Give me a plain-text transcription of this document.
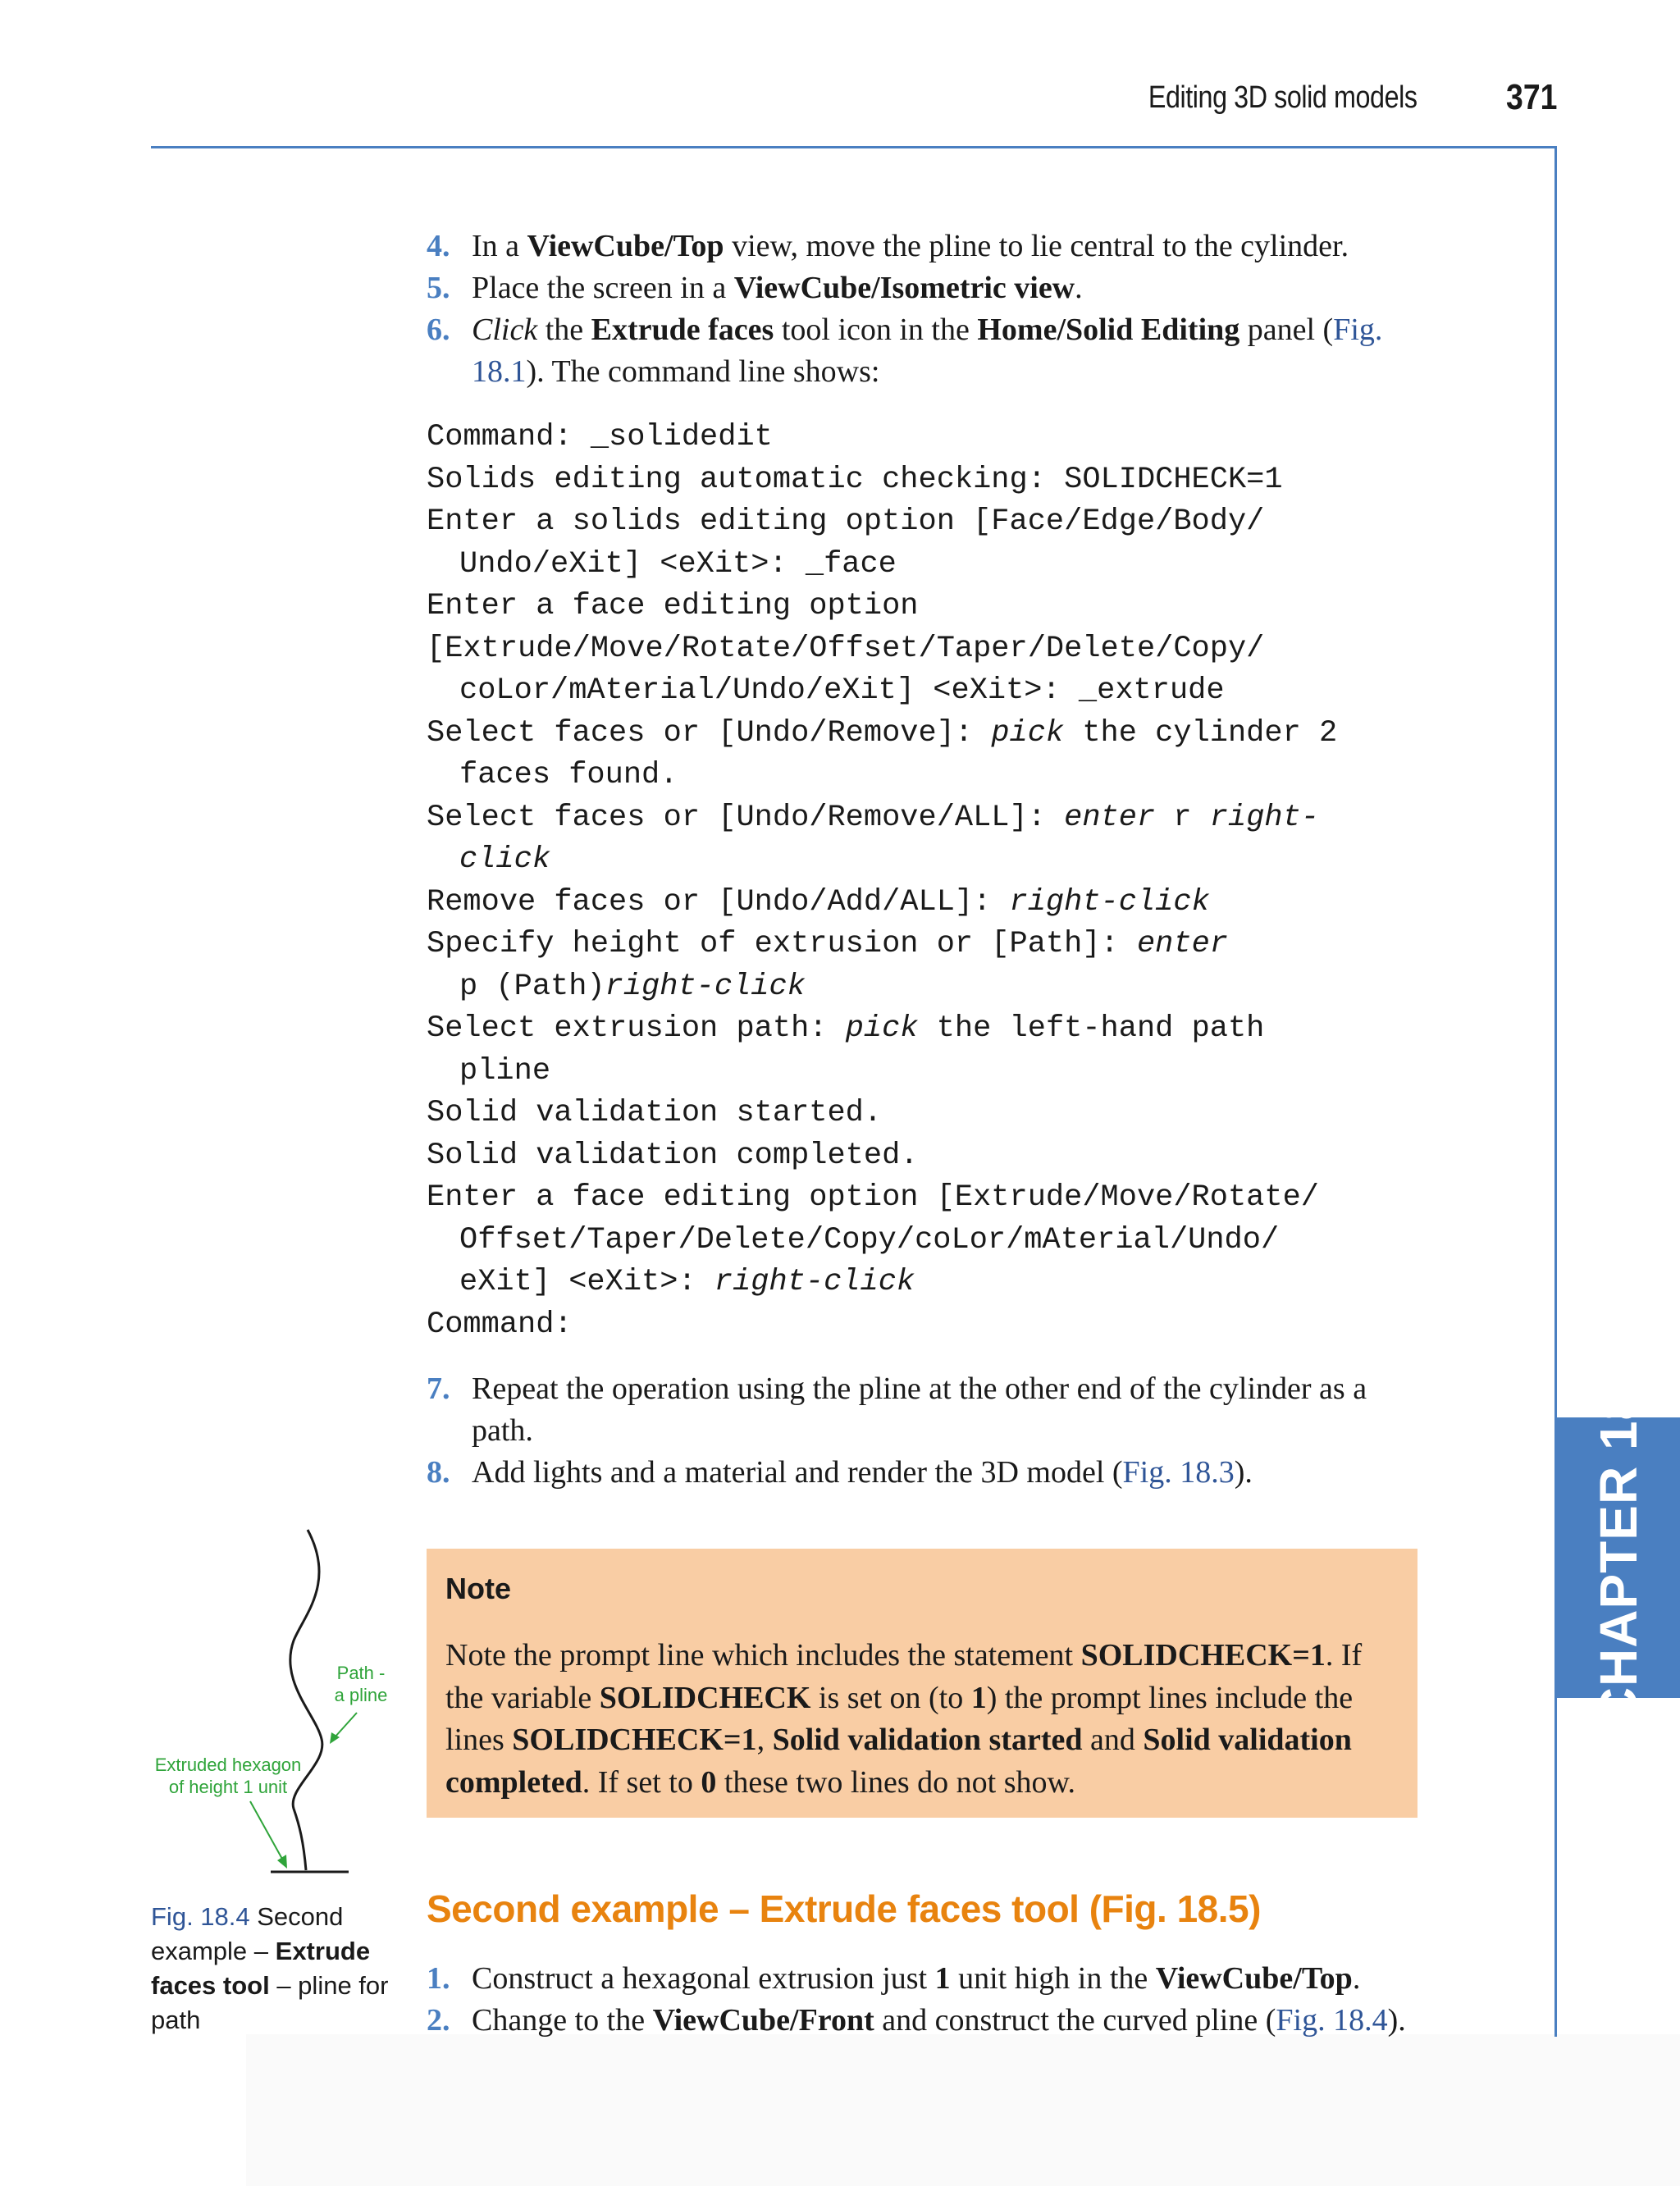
Editing 3D solid models 371
CHAPTER 18
4. In a ViewCube/Top view, move the pline to lie central to the cylinder.
5. Place the screen in a ViewCube/Isometric view.
6. Click the Extrude faces tool icon in the Home/Solid Editing panel (Fig. 18.1). The command line shows:
Command: _solidedit
Solids editing automatic checking: SOLIDCHECK=1
Enter a solids editing option [Face/Edge/Body/
Undo/eXit] <eXit>: _face
Enter a face editing option
[Extrude/Move/Rotate/Offset/Taper/Delete/Copy/
coLor/mAterial/Undo/eXit] <eXit>: _extrude
Select faces or [Undo/Remove]: pick the cylinder 2
faces found.
Select faces or [Undo/Remove/ALL]: enter r right-
click
Remove faces or [Undo/Add/ALL]: right-click
Specify height of extrusion or [Path]: enter
p (Path)right-click
Select extrusion path: pick the left-hand path
pline
Solid validation started.
Solid validation completed.
Enter a face editing option [Extrude/Move/Rotate/
Offset/Taper/Delete/Copy/coLor/mAterial/Undo/
eXit] <eXit>: right-click
Command:
7. Repeat the operation using the pline at the other end of the cylinder as a path.
8. Add lights and a material and render the 3D model (Fig. 18.3).
Note
Note the prompt line which includes the statement SOLIDCHECK=1. If the variable SOLIDCHECK is set on (to 1) the prompt lines include the lines SOLIDCHECK=1, Solid validation started and Solid validation completed. If set to 0 these two lines do not show.
Path -
a pline
Extruded hexagon
of height 1 unit
Fig. 18.4 Second example – Extrude faces tool – pline for path
Second example – Extrude faces tool (Fig. 18.5)
1. Construct a hexagonal extrusion just 1 unit high in the ViewCube/Top.
2. Change to the ViewCube/Front and construct the curved pline (Fig. 18.4).
